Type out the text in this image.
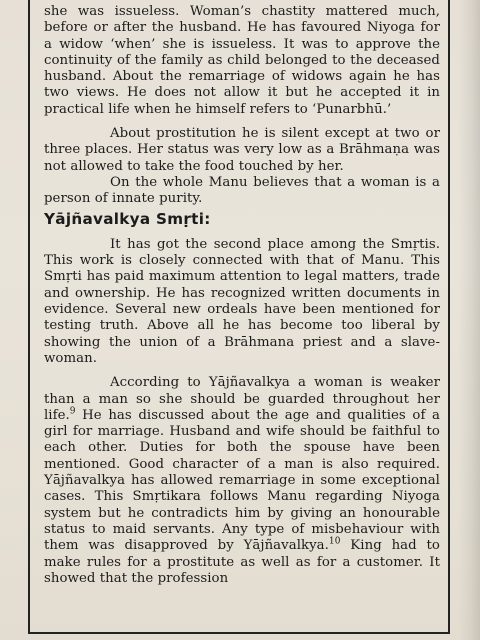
she was issueless. Woman’s chastity mattered much, before or after the husband. He has favoured Niyoga for a widow ‘when’ she is issueless. It was to approve the continuity of the family as child belonged to the deceased husband. About the remarriage of widows again he has two views. He does not allow it but he accepted it in practical life when he himself refers to ‘Punarbhū.’

About prostitution he is silent except at two or three places. Her status was very low as a Brāhmaṇa was not allowed to take the food touched by her.

On the whole Manu believes that a woman is a person of innate purity.

Yājñavalkya Smṛti:

It has got the second place among the Smṛtis. This work is closely connected with that of Manu. This Smṛti has paid maximum attention to legal matters, trade and ownership. He has recognized written documents in evidence. Several new ordeals have been mentioned for testing truth. Above all he has become too liberal by showing the union of a Brāhmana priest and a slave-woman.

According to Yājñavalkya a woman is weaker than a man so she should be guarded throughout her life.$^9$ He has discussed about the age and qualities of a girl for marriage. Husband and wife should be faithful to each other. Duties for both the spouse have been mentioned. Good character of a man is also required. Yājñavalkya has allowed remarriage in some exceptional cases. This Smṛtikara follows Manu regarding Niyoga system but he contradicts him by giving an honourable status to maid servants. Any type of misbehaviour with them was disapproved by Yājñavalkya.$^{10}$ King had to make rules for a prostitute as well as for a customer. It showed that the profession
